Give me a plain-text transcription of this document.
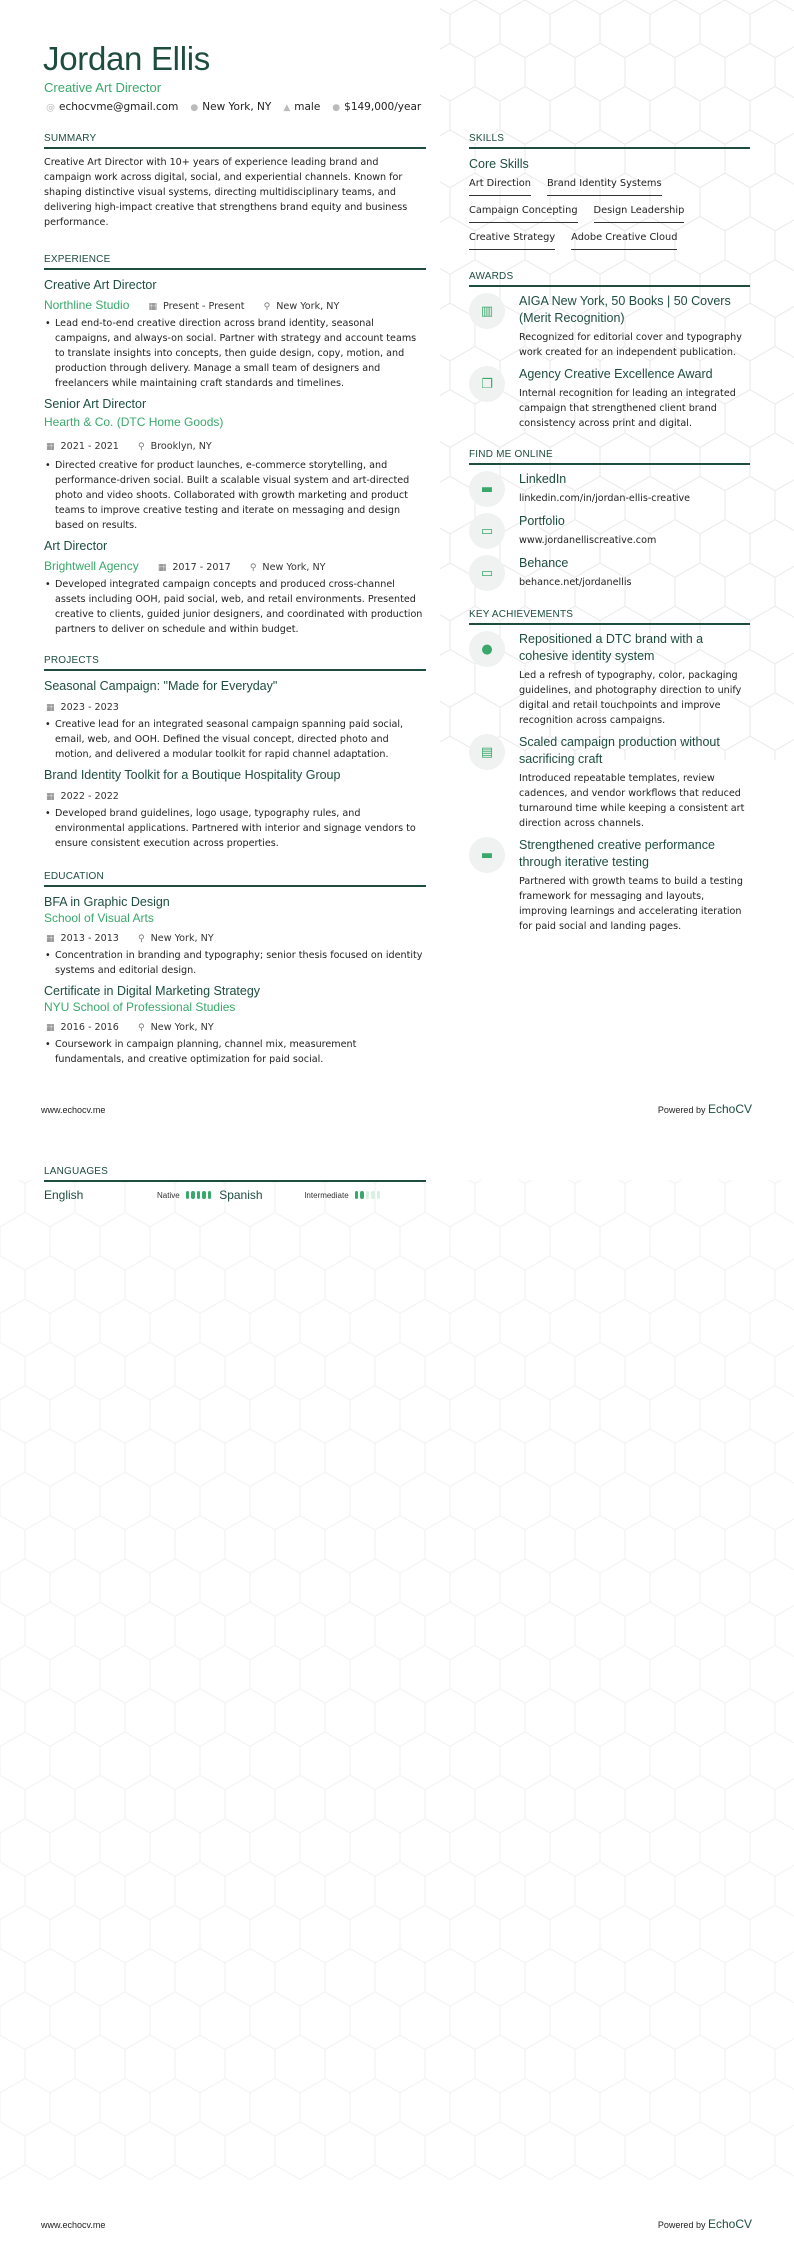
Jordan Ellis
Creative Art Director
@ echocvme@gmail.com ● New York, NY ▲ male ● $149,000/year
SUMMARY
Creative Art Director with 10+ years of experience leading brand and campaign work across digital, social, and experiential channels. Known for shaping distinctive visual systems, directing multidisciplinary teams, and delivering high-impact creative that strengthens brand equity and business performance.
EXPERIENCE
Creative Art Director
Northline Studio ▦ Present - Present
⚲ New York, NY
• Lead end-to-end creative direction across brand identity, seasonal campaigns, and always-on social. Partner with strategy and account teams to translate insights into concepts, then guide design, copy, motion, and production through delivery. Manage a small team of designers and freelancers while maintaining craft standards and timelines.
Senior Art Director
Hearth & Co. (DTC Home Goods)
▦ 2021 - 2021
⚲ Brooklyn, NY
• Directed creative for product launches, e-commerce storytelling, and performance-driven social. Built a scalable visual system and art-directed photo and video shoots. Collaborated with growth marketing and product teams to improve creative testing and iterate on messaging and design based on results.
Art Director
Brightwell Agency ▦ 2017 - 2017
⚲ New York, NY
• Developed integrated campaign concepts and produced cross-channel assets including OOH, paid social, web, and retail environments. Presented creative to clients, guided junior designers, and coordinated with production partners to deliver on schedule and within budget.
PROJECTS
Seasonal Campaign: "Made for Everyday"
▦ 2023 - 2023
• Creative lead for an integrated seasonal campaign spanning paid social, email, web, and OOH. Defined the visual concept, directed photo and motion, and delivered a modular toolkit for rapid channel adaptation.
Brand Identity Toolkit for a Boutique Hospitality Group
▦ 2022 - 2022
• Developed brand guidelines, logo usage, typography rules, and environmental applications. Partnered with interior and signage vendors to ensure consistent execution across properties.
EDUCATION
BFA in Graphic Design
School of Visual Arts
▦ 2013 - 2013
⚲ New York, NY
• Concentration in branding and typography; senior thesis focused on identity systems and editorial design.
Certificate in Digital Marketing Strategy
NYU School of Professional Studies
▦ 2016 - 2016
⚲ New York, NY
• Coursework in campaign planning, channel mix, measurement fundamentals, and creative optimization for paid social.
SKILLS
Core Skills
Art Direction Brand Identity Systems
Campaign Concepting Design Leadership
Creative Strategy Adobe Creative Cloud
AWARDS
▥
AIGA New York, 50 Books | 50 Covers (Merit Recognition)
Recognized for editorial cover and typography work created for an independent publication.
❐
Agency Creative Excellence Award
Internal recognition for leading an integrated campaign that strengthened client brand consistency across print and digital.
FIND ME ONLINE
▬
LinkedIn
linkedin.com/in/jordan-ellis-creative
▭
Portfolio
www.jordanelliscreative.com
▭
Behance
behance.net/jordanellis
KEY ACHIEVEMENTS
●
Repositioned a DTC brand with a cohesive identity system
Led a refresh of typography, color, packaging guidelines, and photography direction to unify digital and retail touchpoints and improve recognition across campaigns.
▤
Scaled campaign production without sacrificing craft
Introduced repeatable templates, review cadences, and vendor workflows that reduced turnaround time while keeping a consistent art direction across channels.
▬
Strengthened creative performance through iterative testing
Partnered with growth teams to build a testing framework for messaging and layouts, improving learnings and accelerating iteration for paid social and landing pages.
www.echocv.me	Powered by EchoCV
LANGUAGES
English	Native	Spanish	Intermediate
www.echocv.me	Powered by EchoCV
